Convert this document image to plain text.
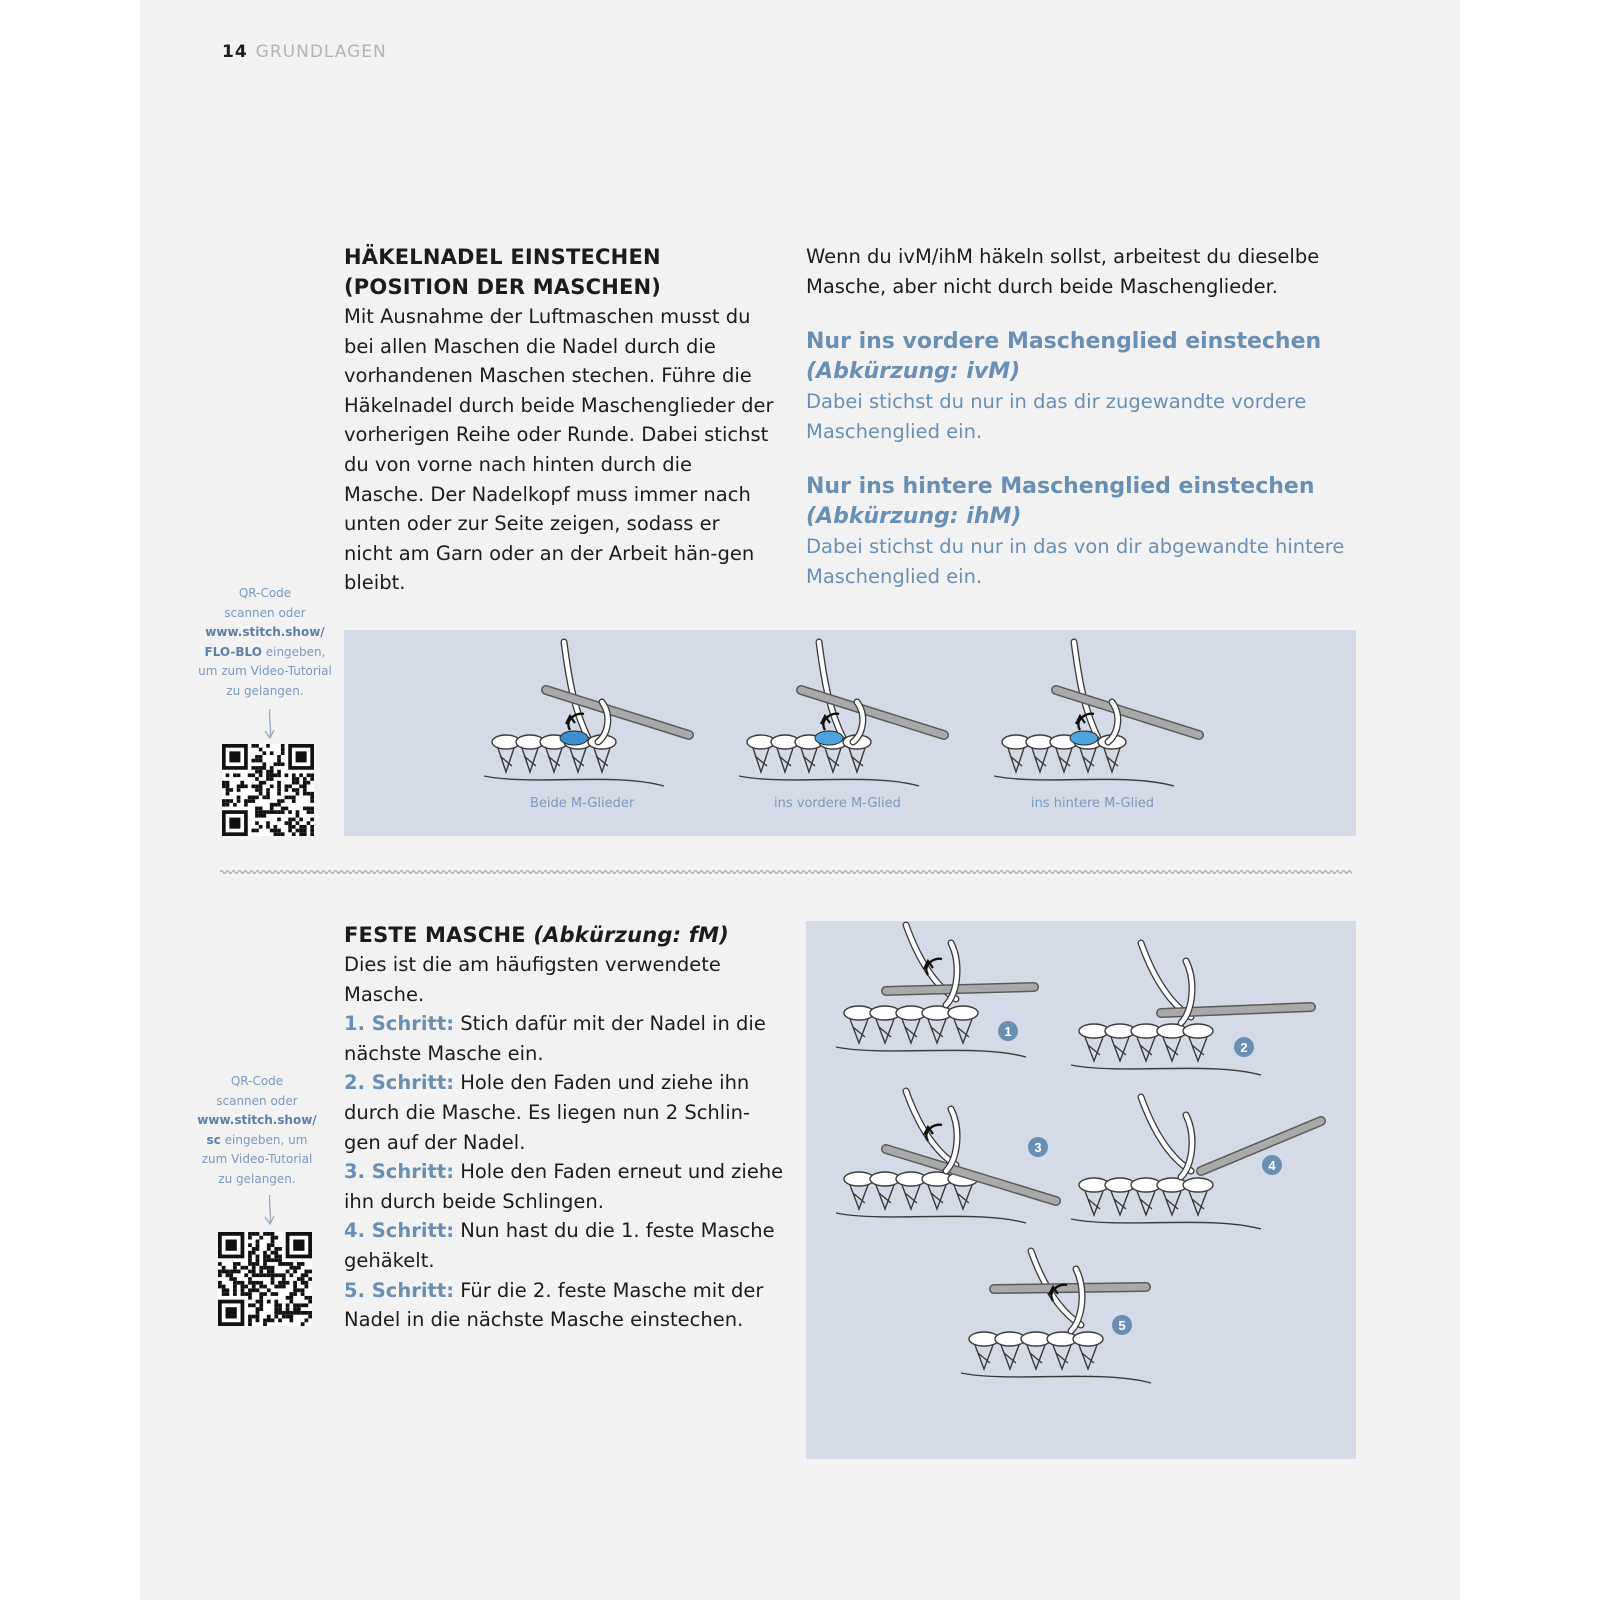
14 GRUNDLAGEN

HÄKELNADEL EINSTECHEN

(POSITION DER MASCHEN)

Mit Ausnahme der Luftmaschen musst du bei allen Maschen die Nadel durch die vorhandenen Maschen stechen. Führe die Häkelnadel durch beide Maschenglieder der vorherigen Reihe oder Runde. Dabei stichst du von vorne nach hinten durch die Masche. Der Nadelkopf muss immer nach unten oder zur Seite zeigen, sodass er nicht am Garn oder an der Arbeit hän-gen bleibt.

Wenn du ivM/ihM häkeln sollst, arbeitest du dieselbe Masche, aber nicht durch beide Maschenglieder.

Nur ins vordere Maschenglied einstechen

(Abkürzung: ivM)

Dabei stichst du nur in das dir zugewandte vordere Maschenglied ein.

Nur ins hintere Maschenglied einstechen

(Abkürzung: ihM)

Dabei stichst du nur in das von dir abgewandte hintere Maschenglied ein.

QR-Code
scannen oder
www.stitch.show/
FLO-BLO eingeben,
um zum Video-Tutorial
zu gelangen.
Beide M-Glieder	ins vordere M-Glied	ins hintere M-Glied

FESTE MASCHE (Abkürzung: fM)

Dies ist die am häufigsten verwendete Masche.

1. Schritt: Stich dafür mit der Nadel in die nächste Masche ein.

2. Schritt: Hole den Faden und ziehe ihn durch die Masche. Es liegen nun 2 Schlin-gen auf der Nadel.

3. Schritt: Hole den Faden erneut und ziehe ihn durch beide Schlingen.

4. Schritt: Nun hast du die 1. feste Masche gehäkelt.

5. Schritt: Für die 2. feste Masche mit der Nadel in die nächste Masche einstechen.

QR-Code
scannen oder
www.stitch.show/
sc eingeben, um
zum Video-Tutorial
zu gelangen.
1
2
3
4
5
